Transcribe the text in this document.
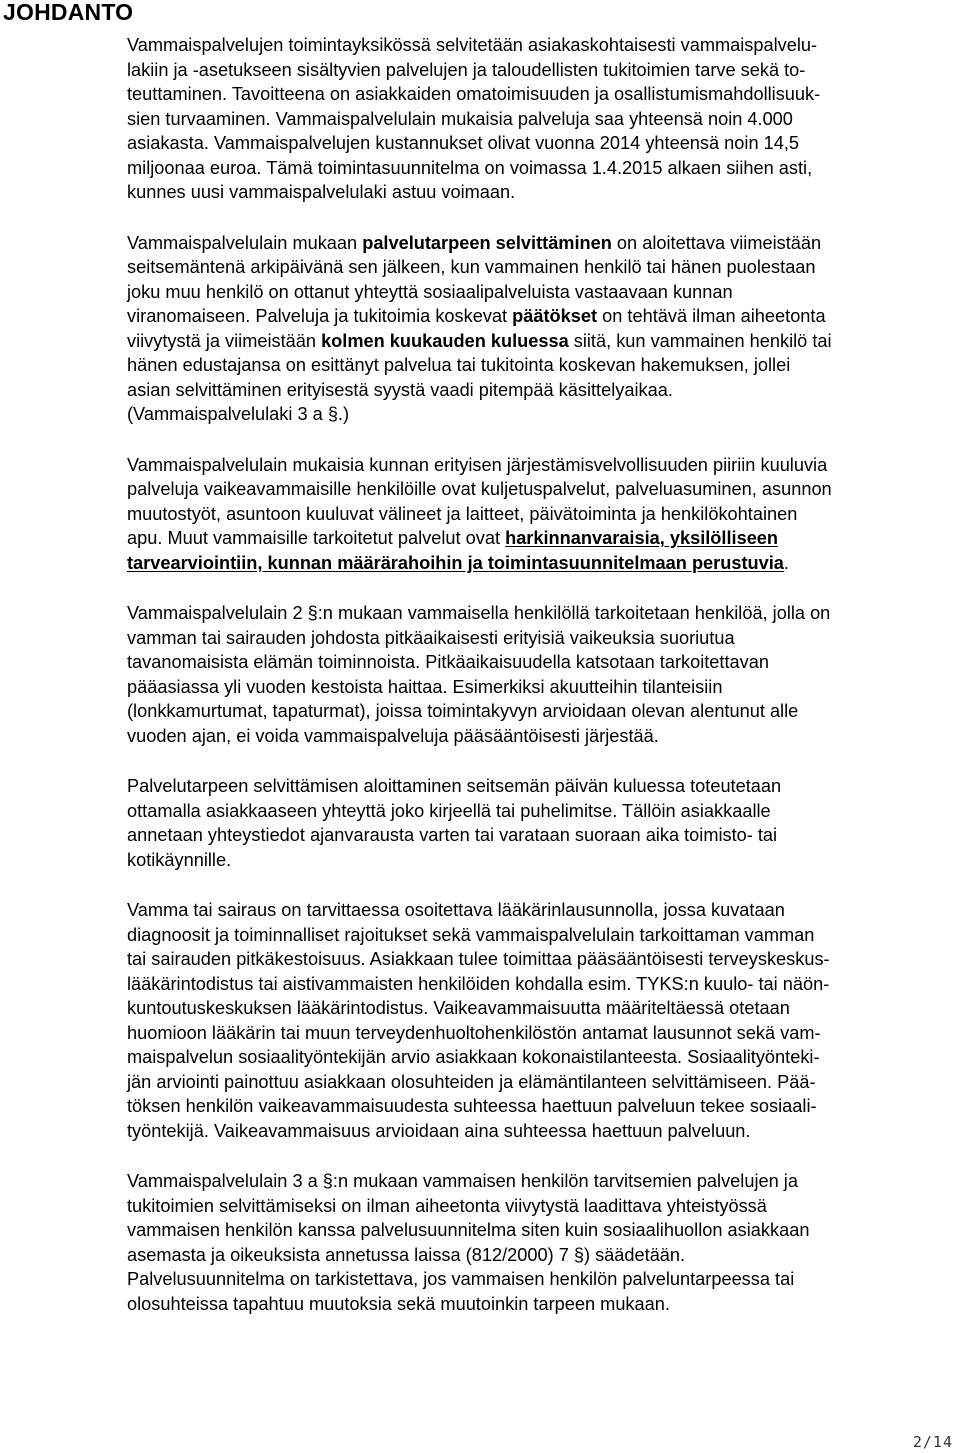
JOHDANTO

Vammaispalvelujen toimintayksikössä selvitetään asiakaskohtaisesti vammaispalvelu-
lakiin ja -asetukseen sisältyvien palvelujen ja taloudellisten tukitoimien tarve sekä to-
teuttaminen. Tavoitteena on asiakkaiden omatoimisuuden ja osallistumismahdollisuuk-
sien turvaaminen. Vammaispalvelulain mukaisia palveluja saa yhteensä noin 4.000
asiakasta. Vammaispalvelujen kustannukset olivat vuonna 2014 yhteensä noin 14,5
miljoonaa euroa. Tämä toimintasuunnitelma on voimassa 1.4.2015 alkaen siihen asti,
kunnes uusi vammaispalvelulaki astuu voimaan.

Vammaispalvelulain mukaan palvelutarpeen selvittäminen on aloitettava viimeistään
seitsemäntenä arkipäivänä sen jälkeen, kun vammainen henkilö tai hänen puolestaan
joku muu henkilö on ottanut yhteyttä sosiaalipalveluista vastaavaan kunnan
viranomaiseen. Palveluja ja tukitoimia koskevat päätökset on tehtävä ilman aiheetonta
viivytystä ja viimeistään kolmen kuukauden kuluessa siitä, kun vammainen henkilö tai
hänen edustajansa on esittänyt palvelua tai tukitointa koskevan hakemuksen, jollei
asian selvittäminen erityisestä syystä vaadi pitempää käsittelyaikaa.
(Vammaispalvelulaki 3 a §.)

Vammaispalvelulain mukaisia kunnan erityisen järjestämisvelvollisuuden piiriin kuuluvia
palveluja vaikeavammaisille henkilöille ovat kuljetuspalvelut, palveluasuminen, asunnon
muutostyöt, asuntoon kuuluvat välineet ja laitteet, päivätoiminta ja henkilökohtainen
apu. Muut vammaisille tarkoitetut palvelut ovat harkinnanvaraisia, yksilölliseen
tarvearviointiin, kunnan määrärahoihin ja toimintasuunnitelmaan perustuvia.

Vammaispalvelulain 2 §:n mukaan vammaisella henkilöllä tarkoitetaan henkilöä, jolla on
vamman tai sairauden johdosta pitkäaikaisesti erityisiä vaikeuksia suoriutua
tavanomaisista elämän toiminnoista. Pitkäaikaisuudella katsotaan tarkoitettavan
pääasiassa yli vuoden kestoista haittaa. Esimerkiksi akuutteihin tilanteisiin
(lonkkamurtumat, tapaturmat), joissa toimintakyvyn arvioidaan olevan alentunut alle
vuoden ajan, ei voida vammaispalveluja pääsääntöisesti järjestää.

Palvelutarpeen selvittämisen aloittaminen seitsemän päivän kuluessa toteutetaan
ottamalla asiakkaaseen yhteyttä joko kirjeellä tai puhelimitse. Tällöin asiakkaalle
annetaan yhteystiedot ajanvarausta varten tai varataan suoraan aika toimisto- tai
kotikäynnille.

Vamma tai sairaus on tarvittaessa osoitettava lääkärinlausunnolla, jossa kuvataan
diagnoosit ja toiminnalliset rajoitukset sekä vammaispalvelulain tarkoittaman vamman
tai sairauden pitkäkestoisuus. Asiakkaan tulee toimittaa pääsääntöisesti terveyskeskus-
lääkärintodistus tai aistivammaisten henkilöiden kohdalla esim. TYKS:n kuulo- tai näön-
kuntoutuskeskuksen lääkärintodistus. Vaikeavammaisuutta määriteltäessä otetaan
huomioon lääkärin tai muun terveydenhuoltohenkilöstön antamat lausunnot sekä vam-
maispalvelun sosiaalityöntekijän arvio asiakkaan kokonaistilanteesta. Sosiaalityönteki-
jän arviointi painottuu asiakkaan olosuhteiden ja elämäntilanteen selvittämiseen. Pää-
töksen henkilön vaikeavammaisuudesta suhteessa haettuun palveluun tekee sosiaali-
työntekijä. Vaikeavammaisuus arvioidaan aina suhteessa haettuun palveluun.

Vammaispalvelulain 3 a §:n mukaan vammaisen henkilön tarvitsemien palvelujen ja
tukitoimien selvittämiseksi on ilman aiheetonta viivytystä laadittava yhteistyössä
vammaisen henkilön kanssa palvelusuunnitelma siten kuin sosiaalihuollon asiakkaan
asemasta ja oikeuksista annetussa laissa (812/2000) 7 §) säädetään.
Palvelusuunnitelma on tarkistettava, jos vammaisen henkilön palveluntarpeessa tai
olosuhteissa tapahtuu muutoksia sekä muutoinkin tarpeen mukaan.

2/14
